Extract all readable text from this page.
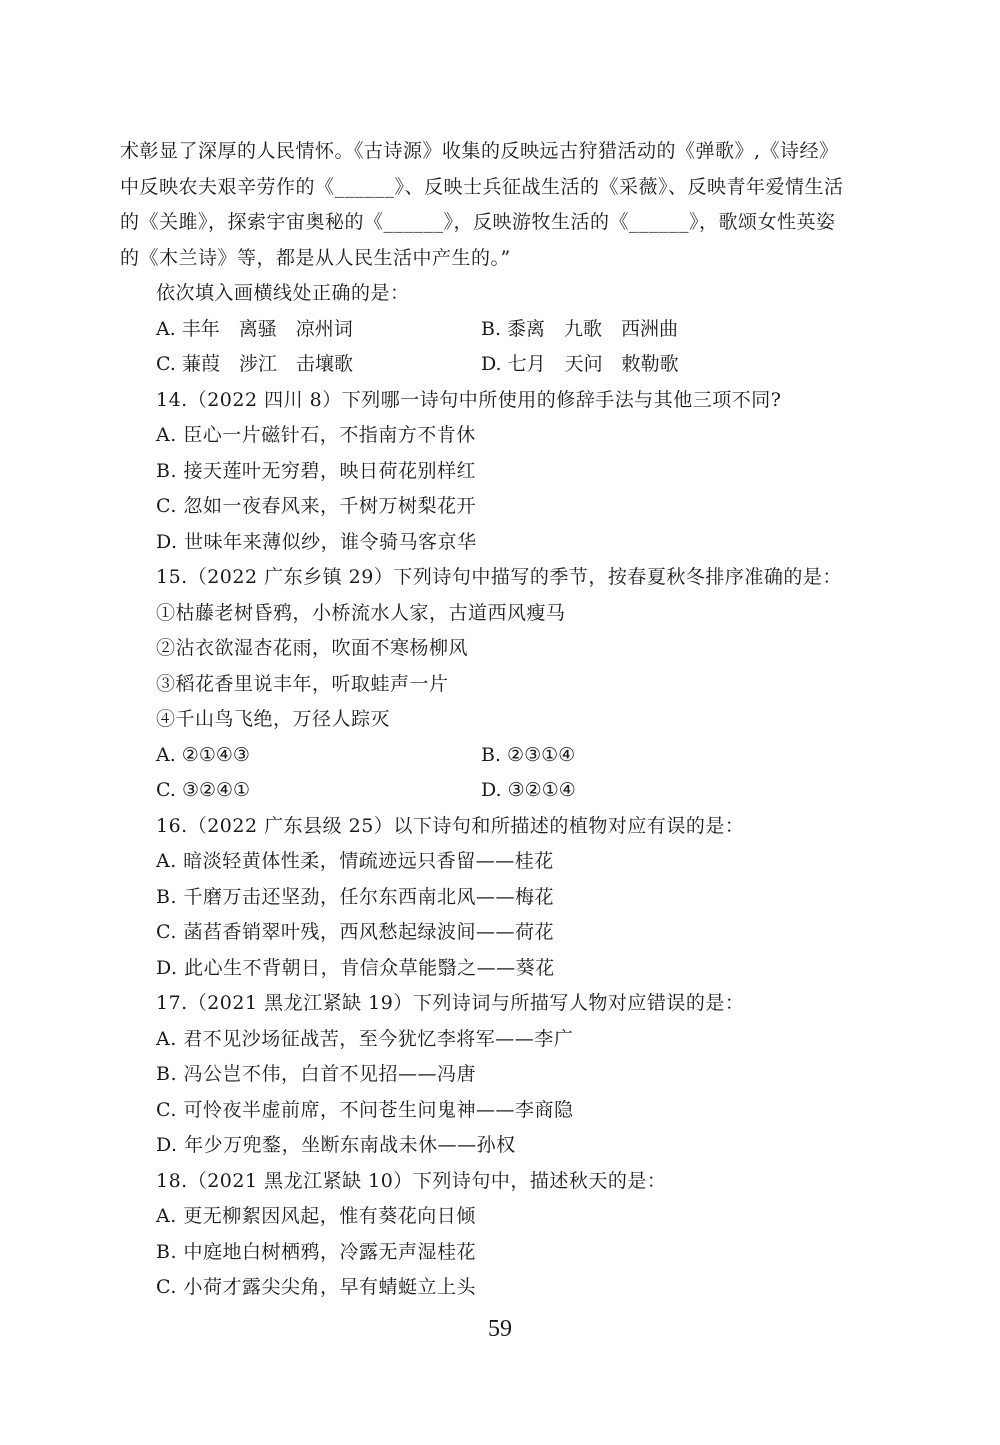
术彰显了深厚的人民情怀。《古诗源》收集的反映远古狩猎活动的《弹歌》,《诗经》
中反映农夫艰辛劳作的《______》、反映士兵征战生活的《采薇》、反映青年爱情生活
的《关雎》，探索宇宙奥秘的《______》，反映游牧生活的《______》，歌颂女性英姿
的《木兰诗》等，都是从人民生活中产生的。”
依次填入画横线处正确的是：
A. 丰年　离骚　凉州词	B. 黍离　九歌　西洲曲
C. 蒹葭　涉江　击壤歌	D. 七月　天问　敕勒歌
14.（2022 四川 8）下列哪一诗句中所使用的修辞手法与其他三项不同?
A. 臣心一片磁针石，不指南方不肯休
B. 接天莲叶无穷碧，映日荷花别样红
C. 忽如一夜春风来，千树万树梨花开
D. 世味年来薄似纱，谁令骑马客京华
15.（2022 广东乡镇 29）下列诗句中描写的季节，按春夏秋冬排序准确的是：
①枯藤老树昏鸦，小桥流水人家，古道西风瘦马
②沾衣欲湿杏花雨，吹面不寒杨柳风
③稻花香里说丰年，听取蛙声一片
④千山鸟飞绝，万径人踪灭
A. ②①④③	B. ②③①④
C. ③②④①	D. ③②①④
16.（2022 广东县级 25）以下诗句和所描述的植物对应有误的是：
A. 暗淡轻黄体性柔，情疏迹远只香留——桂花
B. 千磨万击还坚劲，任尔东西南北风——梅花
C. 菡萏香销翠叶残，西风愁起绿波间——荷花
D. 此心生不背朝日，肯信众草能翳之——葵花
17.（2021 黑龙江紧缺 19）下列诗词与所描写人物对应错误的是：
A. 君不见沙场征战苦，至今犹忆李将军——李广
B. 冯公岂不伟，白首不见招——冯唐
C. 可怜夜半虚前席，不问苍生问鬼神——李商隐
D. 年少万兜鍪，坐断东南战未休——孙权
18.（2021 黑龙江紧缺 10）下列诗句中，描述秋天的是：
A. 更无柳絮因风起，惟有葵花向日倾
B. 中庭地白树栖鸦，冷露无声湿桂花
C. 小荷才露尖尖角，早有蜻蜓立上头
59
